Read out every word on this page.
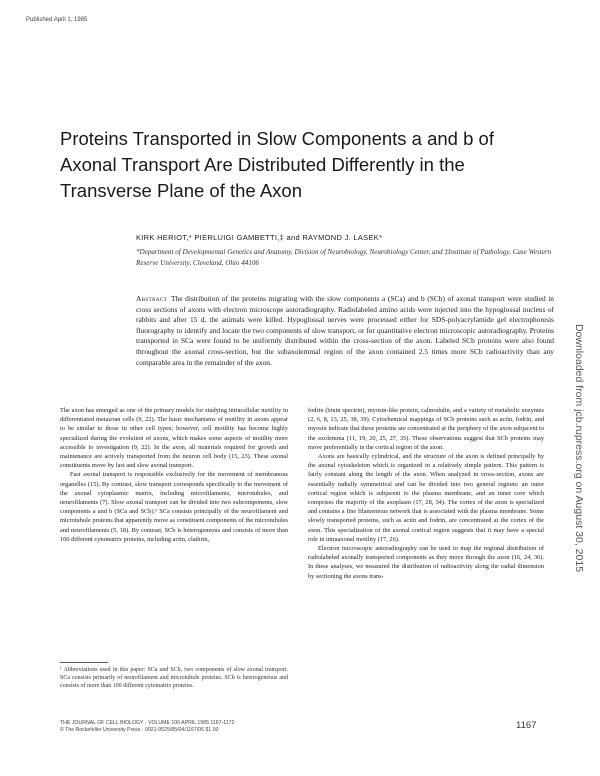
Published April 1, 1985
Downloaded from jcb.rupress.org on August 30, 2015
Proteins Transported in Slow Components a and b of Axonal Transport Are Distributed Differently in the Transverse Plane of the Axon
KIRK HERIOT,* PIERLUIGI GAMBETTI,‡ and RAYMOND J. LASEK*
*Department of Developmental Genetics and Anatomy, Division of Neurobiology, Neurobiology Center, and ‡Institute of Pathology, Case Western Reserve University, Cleveland, Ohio 44106
Abstract The distribution of the proteins migrating with the slow components a (SCa) and b (SCb) of axonal transport were studied in cross sections of axons with electron microscope autoradiography. Radiolabeled amino acids were injected into the hypoglossal nucleus of rabbits and after 15 d, the animals were killed. Hypoglossal nerves were processed either for SDS-polyacrylamide gel electrophoresis fluorography to identify and locate the two components of slow transport, or for quantitative electron microscopic autoradiography. Proteins transported in SCa were found to be uniformly distributed within the cross-section of the axon. Labeled SCb proteins were also found throughout the axonal cross-section, but the subaxolemmal region of the axon contained 2.5 times more SCb radioactivity than any comparable area in the remainder of the axon.

The axon has emerged as one of the primary models for studying intracellular motility in differentiated metazoan cells (9, 22). The basic mechanisms of motility in axons appear to be similar to those in other cell types; however, cell motility has become highly specialized during the evolution of axons, which makes some aspects of motility more accessible to investigation (9, 22). In the axon, all materials required for growth and maintenance are actively transported from the neuron cell body (15, 23). These axonal constituents move by fast and slow axonal transport.

Fast axonal transport is responsible exclusively for the movement of membranous organelles (15). By contrast, slow transport corresponds specifically to the movement of the axonal cytoplasmic matrix, including microfilaments, microtubules, and neurofilaments (7). Slow axonal transport can be divided into two subcomponents, slow components a and b (SCa and SCb).¹ SCa consists principally of the neurofilament and microtubule proteins that apparently move as constituent components of the microtubules and neurofilaments (5, 18). By contrast, SCb is heterogeneous and consists of more than 100 different cytomatrix proteins, including actin, clathrin,

fodrin (brain spectrin), myosin-like protein, calmodulin, and a variety of metabolic enzymes (2, 6, 8, 13, 25, 38, 39). Cytochemical mappings of SCb proteins such as actin, fodrin, and myosin indicate that these proteins are concentrated at the periphery of the axon subjacent to the axolemma (11, 19, 20, 25, 27, 35). These observations suggest that SCb proteins may move preferentially in the cortical region of the axon.

Axons are basically cylindrical, and the structure of the axon is defined principally by the axonal cytoskeleton which is organized in a relatively simple pattern. This pattern is fairly constant along the length of the axon. When analyzed in cross-section, axons are essentially radially symmetrical and can be divided into two general regions: an outer cortical region which is subjacent to the plasma membrane, and an inner core which comprises the majority of the axoplasm (17, 28, 34). The cortex of the axon is specialized and contains a fine filamentous network that is associated with the plasma membrane. Some slowly transported proteins, such as actin and fodrin, are concentrated at the cortex of the axon. This specialization of the axonal cortical region suggests that it may have a special role in intraaxonal motility (17, 26).

Electron microscopic autoradiography can be used to map the regional distribution of radiolabeled axonally transported components as they move through the axon (16, 24, 36). In these analyses, we measured the distribution of radioactivity along the radial dimension by sectioning the axons trans-

¹ Abbreviations used in this paper: SCa and SCb, two components of slow axonal transport. SCa consists primarily of neurofilament and microtubule proteins. SCb is heterogeneous and consists of more than 100 different cytomatrix proteins.
THE JOURNAL OF CELL BIOLOGY · VOLUME 100 APRIL 1985 1167-1172
© The Rockefeller University Press · 0021-9525/85/04/1167/06 $1.00	1167
